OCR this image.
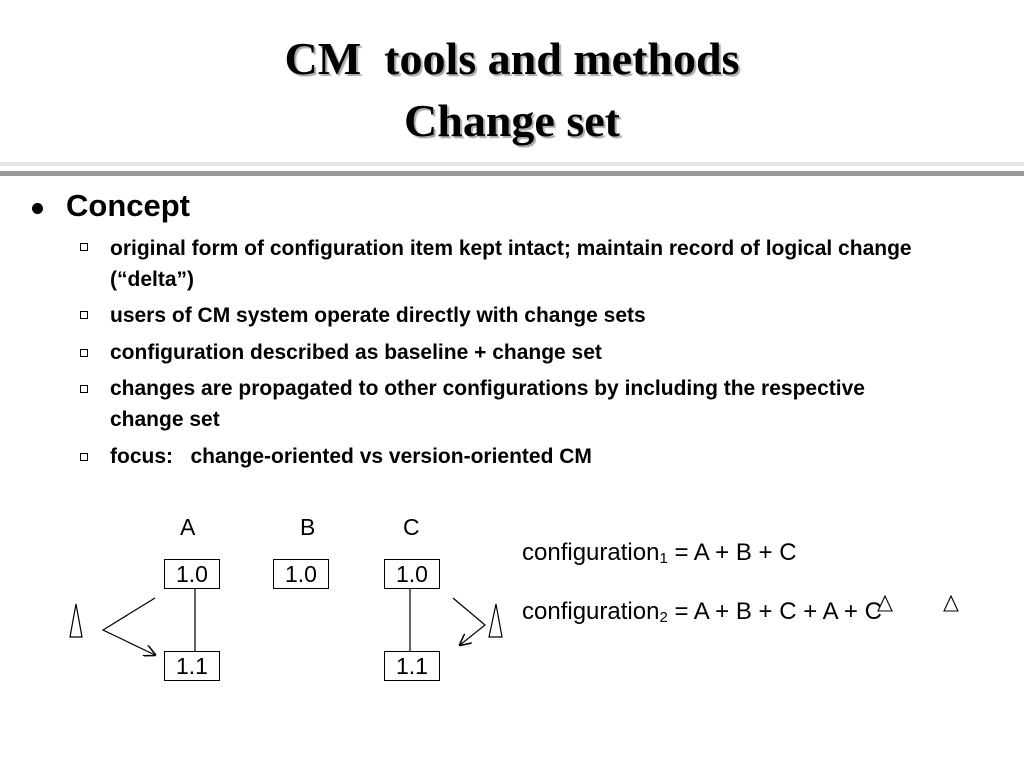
CM  tools and methods
Change set
Concept
original form of configuration item kept intact; maintain record of logical change (“delta”)
users of CM system operate directly with change sets
configuration described as baseline + change set
changes are propagated to other configurations by including the respective change set
focus:   change-oriented vs version-oriented CM
A	B	C
1.0	1.0	1.0
1.1	1.1
configuration$_1$ = A + B + C
configuration$_2$ = A + B + C + A + C
